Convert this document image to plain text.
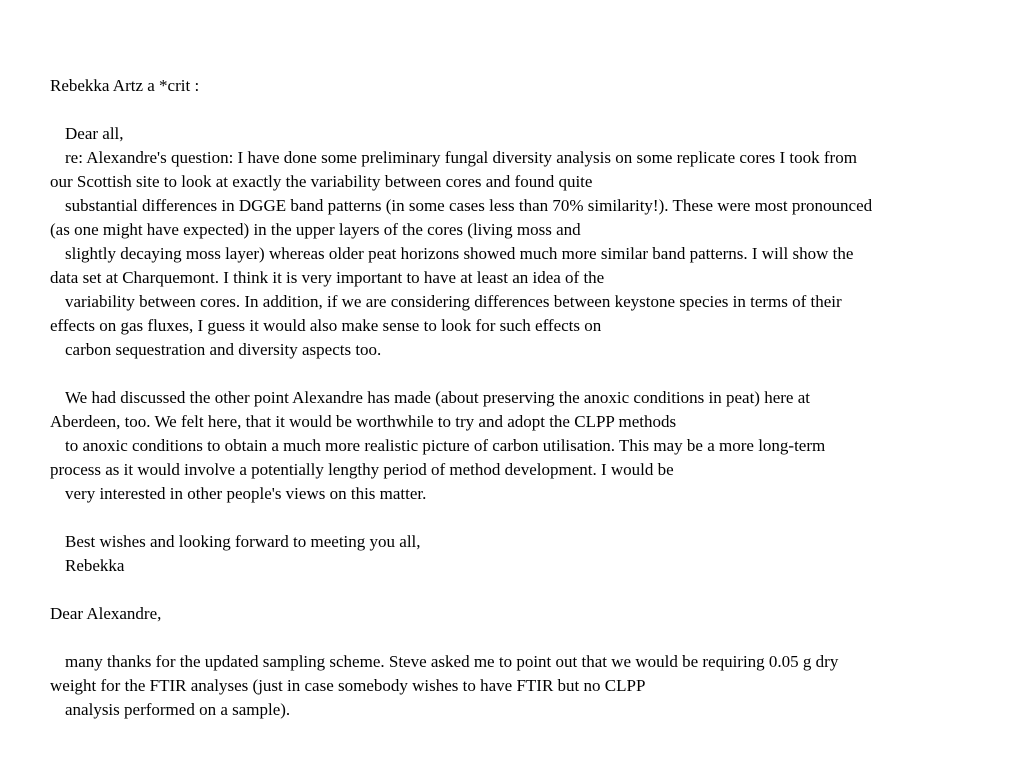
Rebekka Artz a *crit :
Dear all,
re: Alexandre's question: I have done some preliminary fungal diversity analysis on some replicate cores I took from
our Scottish site to look at exactly the variability between cores and found quite
substantial differences in DGGE band patterns (in some cases less than 70% similarity!). These were most pronounced
(as one might have expected) in the upper layers of the cores (living moss and
slightly decaying moss layer) whereas older peat horizons showed much more similar band patterns. I will show the
data set at Charquemont. I think it is very important to have at least an idea of the
variability between cores. In addition, if we are considering differences between keystone species in terms of their
effects on gas fluxes, I guess it would also make sense to look for such effects on
carbon sequestration and diversity aspects too.
We had discussed the other point Alexandre has made (about preserving the anoxic conditions in peat) here at
Aberdeen, too. We felt here, that it would be worthwhile to try and adopt the CLPP methods
to anoxic conditions to obtain a much more realistic picture of carbon utilisation. This may be a more long-term
process as it would involve a potentially lengthy period of method development. I would be
very interested in other people's views on this matter.
Best wishes and looking forward to meeting you all,
Rebekka
Dear Alexandre,
many thanks for the updated sampling scheme. Steve asked me to point out that we would be requiring 0.05 g dry
weight for the FTIR analyses (just in case somebody wishes to have FTIR but no CLPP
analysis performed on a sample).
